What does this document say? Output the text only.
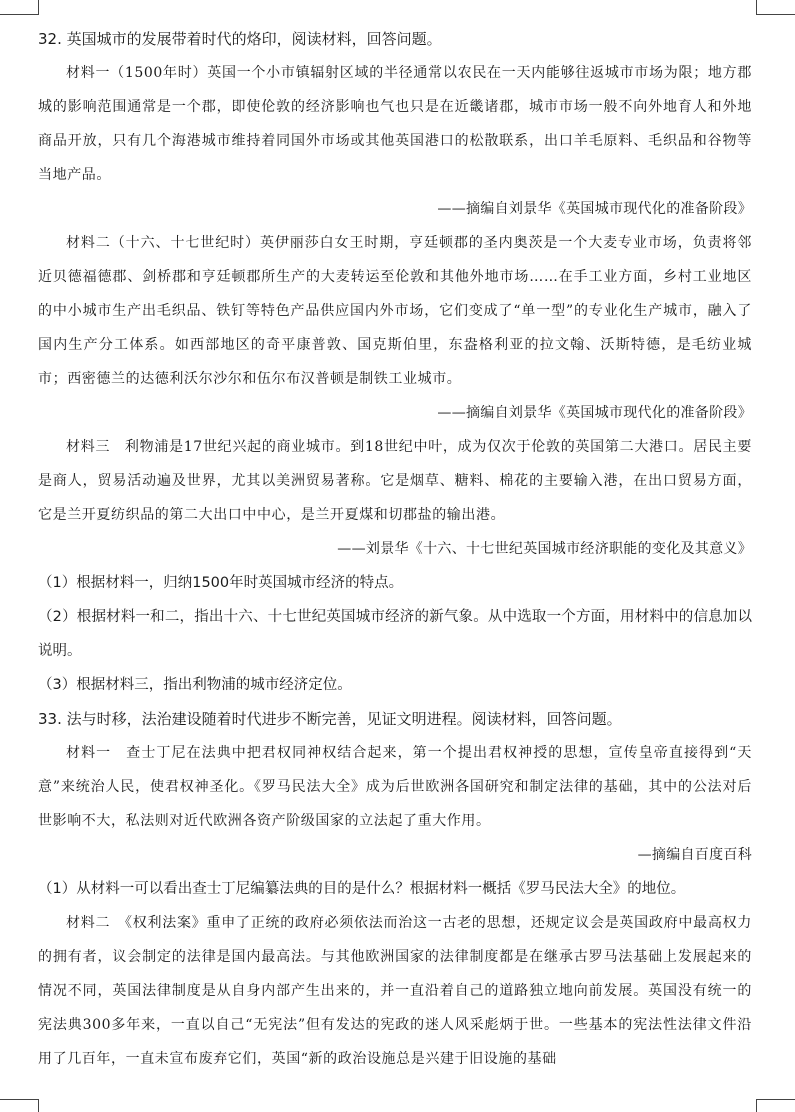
32. 英国城市的发展带着时代的烙印，阅读材料，回答问题。

材料一（1500年时）英国一个小市镇辐射区域的半径通常以农民在一天内能够往返城市市场为限；地方郡城的影响范围通常是一个郡，即使伦敦的经济影响也气也只是在近畿诸郡，城市市场一般不向外地育人和外地商品开放，只有几个海港城市维持着同国外市场或其他英国港口的松散联系，出口羊毛原料、毛织品和谷物等当地产品。

——摘编自刘景华《英国城市现代化的准备阶段》

材料二（十六、十七世纪时）英伊丽莎白女王时期，亨廷顿郡的圣内奥茨是一个大麦专业市场，负责将邻近贝德福德郡、剑桥郡和亨廷顿郡所生产的大麦转运至伦敦和其他外地市场……在手工业方面，乡村工业地区的中小城市生产出毛织品、铁钉等特色产品供应国内外市场，它们变成了“单一型”的专业化生产城市，融入了国内生产分工体系。如西部地区的奇平康普敦、国克斯伯里，东盎格利亚的拉文翰、沃斯特德，是毛纺业城市；西密德兰的达德利沃尔沙尔和伍尔布汉普顿是制铁工业城市。

——摘编自刘景华《英国城市现代化的准备阶段》

材料三　利物浦是17世纪兴起的商业城市。到18世纪中叶，成为仅次于伦敦的英国第二大港口。居民主要是商人，贸易活动遍及世界，尤其以美洲贸易著称。它是烟草、糖料、棉花的主要输入港，在出口贸易方面，它是兰开夏纺织品的第二大出口中中心，是兰开夏煤和切郡盐的输出港。

——刘景华《十六、十七世纪英国城市经济职能的变化及其意义》

（1）根据材料一，归纳1500年时英国城市经济的特点。

（2）根据材料一和二，指出十六、十七世纪英国城市经济的新气象。从中选取一个方面，用材料中的信息加以说明。

（3）根据材料三，指出利物浦的城市经济定位。

33. 法与时移，法治建设随着时代进步不断完善，见证文明进程。阅读材料，回答问题。

材料一　查士丁尼在法典中把君权同神权结合起来，第一个提出君权神授的思想，宣传皇帝直接得到“天意”来统治人民，使君权神圣化。《罗马民法大全》成为后世欧洲各国研究和制定法律的基础，其中的公法对后世影响不大，私法则对近代欧洲各资产阶级国家的立法起了重大作用。

—摘编自百度百科

（1）从材料一可以看出查士丁尼编纂法典的目的是什么？根据材料一概括《罗马民法大全》的地位。

材料二　《权利法案》重申了正统的政府必须依法而治这一古老的思想，还规定议会是英国政府中最高权力的拥有者，议会制定的法律是国内最高法。与其他欧洲国家的法律制度都是在继承古罗马法基础上发展起来的情况不同，英国法律制度是从自身内部产生出来的，并一直沿着自己的道路独立地向前发展。英国没有统一的宪法典300多年来，一直以自己“无宪法”但有发达的宪政的迷人风采彪炳于世。一些基本的宪法性法律文件沿用了几百年，一直未宣布废弃它们，英国“新的政治设施总是兴建于旧设施的基础
